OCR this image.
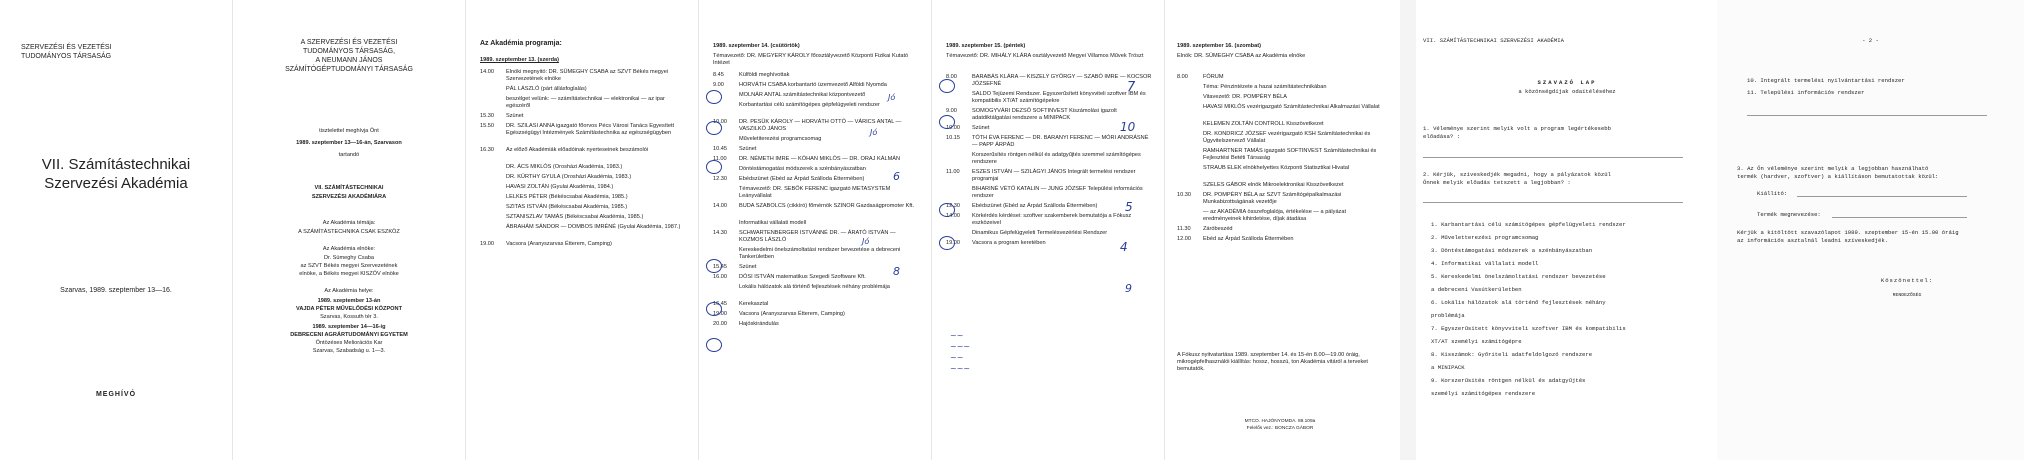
SZERVEZÉSI ÉS VEZETÉSI
TUDOMÁNYOS TÁRSASÁG
VII. Számítástechnikai
Szervezési Akadémia
Szarvas, 1989. szeptember 13—16.
MEGHÍVÓ
A SZERVEZÉSI ÉS VEZETÉSI
TUDOMÁNYOS TÁRSASÁG,
A NEUMANN JÁNOS
SZÁMÍTÓGÉPTUDOMÁNYI TÁRSASÁG
tisztelettel meghívja Önt
1989. szeptember 13—16-án, Szarvason
tartandó
VII. SZÁMÍTÁSTECHNIKAI
SZERVEZÉSI AKADÉMIÁRA
Az Akadémia témája:
A SZÁMÍTÁSTECHNIKA CSAK ESZKÖZ
Az Akadémia elnöke:
Dr. Sümeghy Csaba
az SZVT Békés megyei Szervezetének
elnöke, a Békés megyei KISZÖV elnöke
Az Akadémia helye:
1989. szeptember 13-án
VAJDA PÉTER MŰVELŐDÉSI KÖZPONT
Szarvas, Kossuth tér 3.
1989. szeptember 14—16-ig
DEBRECENI AGRÁRTUDOMÁNYI EGYETEM
Öntözéses Meliorációs Kar
Szarvas, Szabadság u. 1—3.
Az Akadémia programja:
1989. szeptember 13. (szerda)
14.00	Elnöki megnyitó: DR. SÜMEGHY CSABA az SZVT Békés megyei Szervezetének elnöke
PÁL LÁSZLÓ (párt állásfoglalás)
beszélget velünk: — számítástechnikai — elektronikai — az ipar egészéről
15.30	Szünet
15.50	DR. SZILASI ANNA igazgató főorvos Pécs Városi Tanács Egyesített Egészségügyi Intézmények Számítástechnika az egészségügyben
16.30	Az előző Akadémiák előadóinak nyerteseinek beszámolói
DR. ÁCS MIKLÓS (Orosházi Akadémia, 1983.)
DR. KÜRTHY GYULA (Orosházi Akadémia, 1983.)
HAVASI ZOLTÁN (Gyulai Akadémia, 1984.)
LELKES PÉTER (Békéscsabai Akadémia, 1985.)
SZITAS ISTVÁN (Békéscsabai Akadémia, 1985.)
SZTANISZLAV TAMÁS (Békéscsabai Akadémia, 1985.)
ÁBRAHÁM SÁNDOR — DOMBOS IMRÉNÉ (Gyulai Akadémia, 1987.)
19.00	Vacsora (Aranyszarvas Étterem, Camping)
1989. szeptember 14. (csütörtök)
Témavezető: DR. MEGYERY KÁROLY főosztályvezető Központi Fizikai Kutató Intézet
8.45	Külföldi meghívottak
9.00	HORVÁTH CSABA korbantartó üzemvezető Alföldi Nyomda
MOLNÁR ANTAL számítástechnikai központvezető
Korbantartási célú számítógépes gépfelügyeleti rendszer
10.00	DR. PESÜK KÁROLY — HORVÁTH OTTÓ — VÁRICS ANTAL — VASZILKÓ JÁNOS
Műveletiterezési programcsomag
10.45	Szünet
11.00	DR. NÉMETH IMRE — KÓHAN MIKLÓS — DR. ORAJ KÁLMÁN
Döntéstámogatási módszerek a szénbányászatban
12.30	Ebédszünet (Ebéd az Árpád Szálloda Éttermében)
Témavezető: DR. SEBŐK FERENC igazgató METASYSTEM Leányvállalat
14.00	BUDA SZABOLCS (cikkíró) főmérnök SZINOR Gazdaságpromoter Kft.
Informatikai vállalati modell
14.30	SCHWARTENBERGER ISTVÁNNÉ DR. — ÁRATÓ ISTVÁN — KOZMOS LÁSZLÓ
Kereskedelmi önelszámoltatási rendszer bevezetése a debreceni Tankerületben
15.45	Szünet
16.00	DÓSI ISTVÁN matematikus Szegedi Szoftware Kft.
Lokális hálózatok alá történő fejlesztések néhány problémája
16.45	Kerekasztal
19.00	Vacsora (Aranyszarvas Étterem, Camping)
20.00	Hajóskirándulás
1989. szeptember 15. (péntek)
Témavezető: DR. MIHÁLY KLÁRA osztályvezető Megyei Villamos Művek Tröszt
8.00	BARABÁS KLÁRA — KISZELY GYÖRGY — SZABÓ IMRE — KOCSOR JÓZSEFNÉ
SALDO Tejüzemi Rendszer. Egyszerűsített könyvviteli szoftver IBM és kompatibilis XT/AT számítógépekre
9.00	SOMOGYVÁRI DEZSŐ SOFTINVEST Kiszámolási igazolt adatdiktálgatási rendszere a MINIPACK
10.00	Szünet
10.15	TÓTH ÉVA FERENC — DR. BARANYI FERENC — MÓRI ANDRÁSNÉ — PAPP ÁRPÁD
Korszerűsítés röntgen nélkül és adatgyűjtés szemmel számítógépes rendszere
11.00	ESZES ISTVÁN — SZILÁGYI JÁNOS Integrált termelési rendszer programjai
BIHARINÉ VÉTŐ KATALIN — JUNG JÓZSEF Települési információs rendszer
12.30	Ebédszünet (Ebéd az Árpád Szálloda Éttermében)
14.00	Körkérdés kérdései: szoftver szakemberek bemutatója a Fókusz eszközeivel
Dinamikus Gépfelügyeleti Termelésvezérlési Rendszer
19.00	Vacsora a program keretében
1989. szeptember 16. (szombat)
Elnök: DR. SÜMEGHY CSABA az Akadémia elnöke
8.00	FÓRUM
Téma: Pénzintézete a hazai számítástechnikában
Vitavezető: DR. POMPÉRY BÉLA
HAVASI MIKLÓS vezérigazgató Számítástechnikai Alkalmazási Vállalat
KELEMEN ZOLTÁN CONTROLL Kisszövetkezet
DR. KONDRICZ JÓZSEF vezérigazgató KSH Számítástechnikai és Ügyvitelszervező Vállalat
RAMHARTNER TAMÁS igazgató SOFTINVEST Számítástechnikai és Fejlesztési Betéti Társaság
STRAUB ELEK elnökhelyettes Központi Statisztikai Hivatal
SZELES GÁBOR elnök Mikroelektronikai Kisszövetkezet
10.30	DR. POMPÉRY BÉLA az SZVT Számítógépalkalmazási Munkabizottságának vezetője
— az AKADÉMIA összefoglalója, értékelése — a pályázat eredményeinek kihirdetése, díjak átadása
11.30	Záróbeszéd
12.00	Ebéd az Árpád Szálloda Éttermében
A Fókusz nyitvatartása 1989. szeptember 14. és 15-én 8.00—19.00 óráig, mikrogépfelhasználói kiállítás: hossz, hosszú, ton Akadémia vitáról a terveket bemutatók.
MTCO. HAJÓNYOMDA. 89.109a
Felelős vez.: BONCZA GÁBOR
VII. SZÁMÍTÁSTECHNIKAI SZERVEZÉSI AKADÉMIA
SZAVAZÓ LAP
a közönségdíjak odaítéléséhez
1. Véleménye szerint melyik volt a program legértékesebb
előadása? :
2. Kérjük, szíveskedjék megadni, hogy a pályázatok közül
Önnek melyik előadás tetszett a legjobban? :
1. Karbantartási célú számítógépes gépfelügyeleti rendszer
2. Műveletterezési programcsomag
3. Döntéstámogatási módszerek a szénbányászatban
4. Informatikai vállalati modell
5. Kereskedelmi önelszámoltatási rendszer bevezetése
a debreceni Vasútkerületben
6. Lokális hálózatok alá történő fejlesztések néhány
problémája
7. Egyszerűsített könyvviteli szoftver IBM és kompatibilis
XT/AT személyi számítógépre
8. Kisszámok: Győriteli adatfeldolgozó rendszere
a MINIPACK
9. Korszerűsítés röntgen nélkül és adatgyűjtés
személyi számítógépes rendszere
- 2 -
10. Integrált termelési nyilvántartási rendszer
11. Települési információs rendszer
3. Az Ön véleménye szerint melyik a legjobban használható
termék (hardver, szoftver) a kiállításon bemutatottak közül:
Kiállító:
Termék megnevezése:
Kérjük a kitöltött szavazólapot 1989. szeptember 15-én 15.00 óráig
az információs asztalnál leadni szíveskedjék.
Köszönettel:
RENDEZŐSÉG
7
10
5
4
6
8
9
Jó
Jó
Jó
~~
~~~
~~
~~~
